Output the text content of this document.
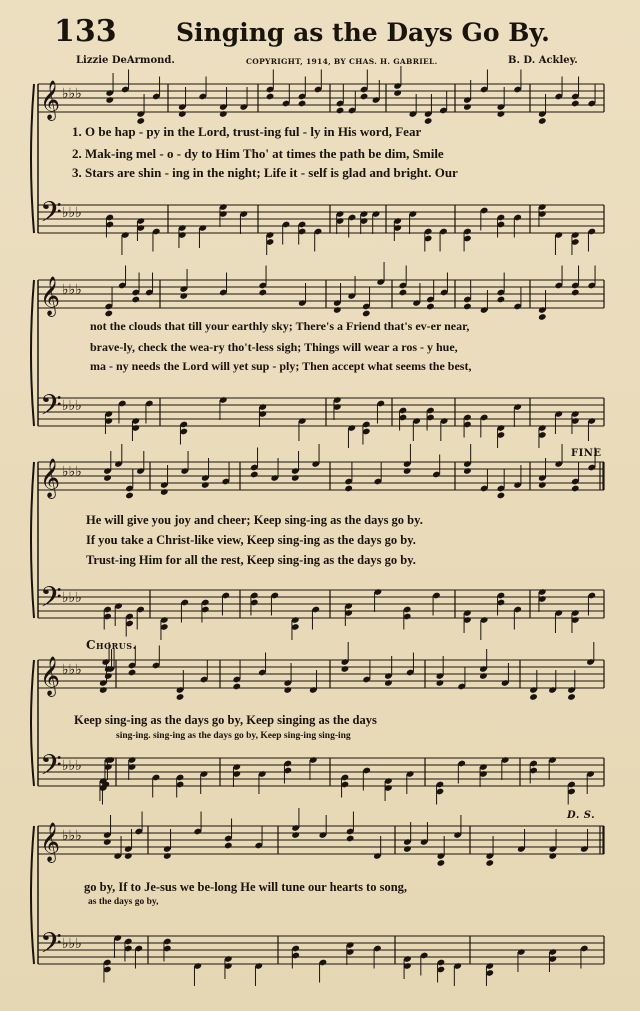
133 Singing as the Days Go By.
Lizzie DeArmond.	COPYRIGHT, 1914, BY CHAS. H. GABRIEL.	B. D. Ackley.
𝄞
𝄢
♭♭♭
♭♭♭
𝄞
𝄢
♭♭♭
♭♭♭
𝄞
𝄢
♭♭♭
♭♭♭
𝄞
𝄢
♭♭♭
♭♭♭
𝄞
𝄢
♭♭♭
♭♭♭
1. O be hap - py in the Lord, trust-ing ful - ly in His word, Fear
2. Mak-ing mel - o - dy to Him Tho' at times the path be dim, Smile
3. Stars are shin - ing in the night; Life it - self is glad and bright. Our
not the clouds that till your earthly sky; There's a Friend that's ev-er near,
brave-ly, check the wea-ry tho't-less sigh; Things will wear a ros - y hue,
ma - ny needs the Lord will yet sup - ply; Then accept what seems the best,
He will give you joy and cheer; Keep sing-ing as the days go by.
If you take a Christ-like view, Keep sing-ing as the days go by.
Trust-ing Him for all the rest, Keep sing-ing as the days go by.
FINE
D. S.
Chorus.
Keep sing-ing as the days go by, Keep singing as the days
sing-ing. sing-ing as the days go by, Keep sing-ing sing-ing
go by, If to Je-sus we be-long He will tune our hearts to song,
as the days go by,
